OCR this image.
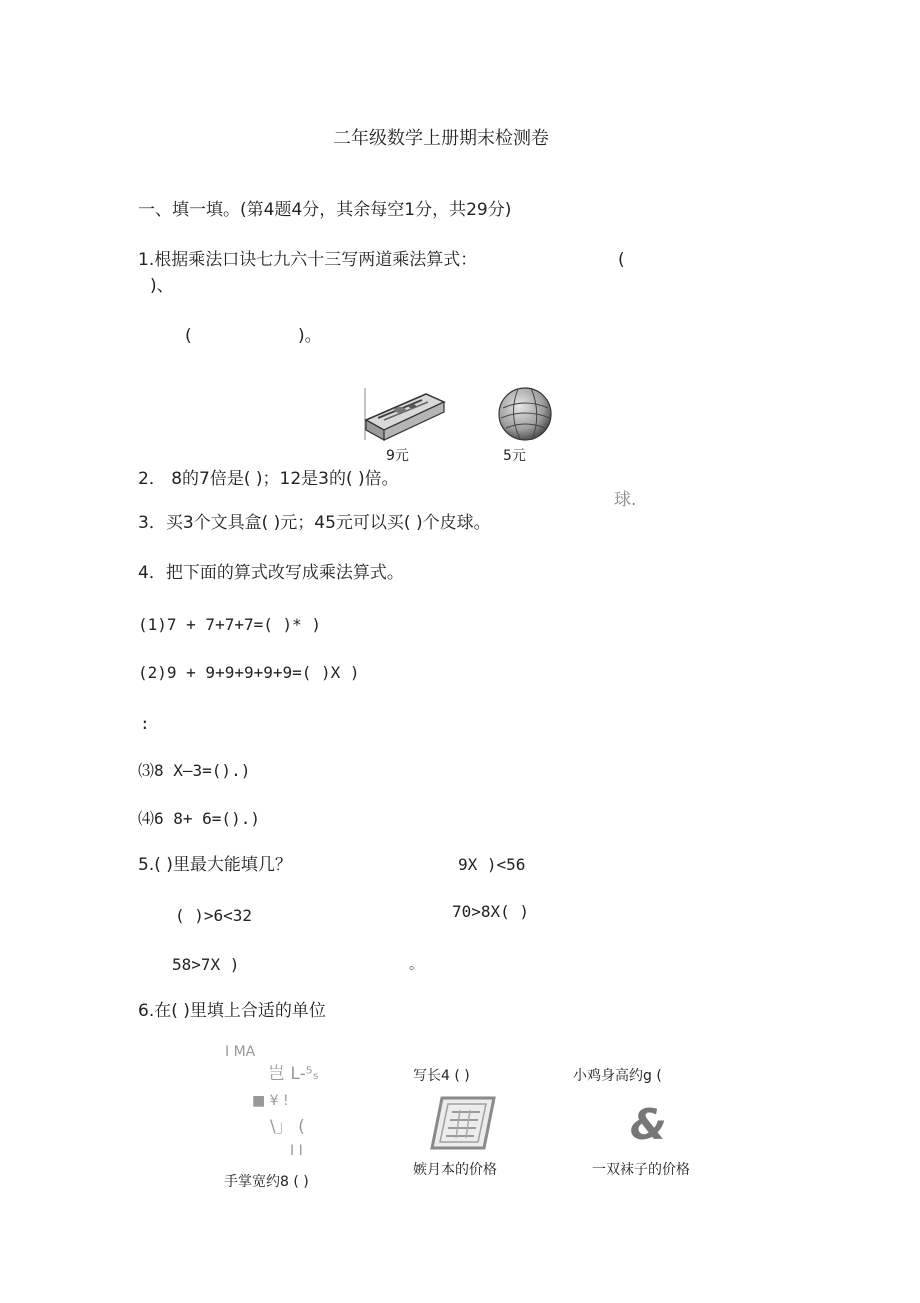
二年级数学上册期末检测卷
一、填一填。(第4题4分，其余每空1分，共29分)
1.根据乘法口诀七九六十三写两道乘法算式：	(
)、
(	)。
9元	5元
2． 8的7倍是( )；12是3的( )倍。
球.
3．买3个文具盒( )元；45元可以买( )个皮球。
4．把下面的算式改写成乘法算式。
(1)7 + 7+7+7=( )* )
(2)9 + 9+9+9+9+9=( )X )
:
⑶8 X—3=().)
⑷6 8+ 6=().)
5.( )里最大能填几？	9X )<56
( )>6<32	70>8X( )
58>7X )	。
6.在( )里填上合适的单位
I MA
岂 L-⁵ₛ
■ ¥ !
\」 (
I I
手掌宽约8 ( )
写长4 ( )
嫉月本的价格
小鸡身高约g (
&
一双袜子的价格
